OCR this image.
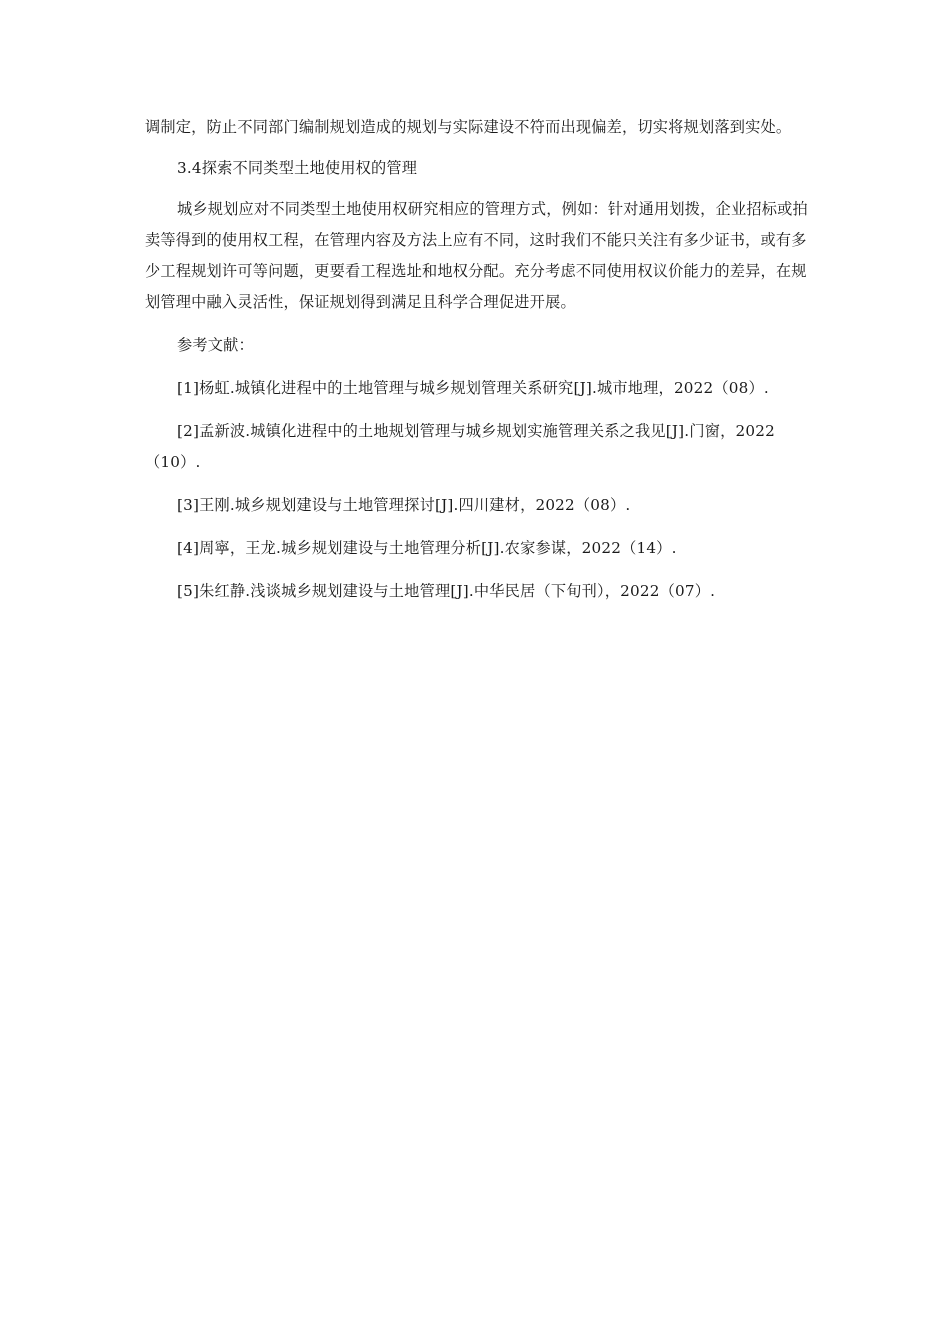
调制定，防止不同部门编制规划造成的规划与实际建设不符而出现偏差，切实将规划落到实处。

3.4探索不同类型土地使用权的管理

城乡规划应对不同类型土地使用权研究相应的管理方式，例如：针对通用划拨，企业招标或拍卖等得到的使用权工程，在管理内容及方法上应有不同，这时我们不能只关注有多少证书，或有多少工程规划许可等问题，更要看工程选址和地权分配。充分考虑不同使用权议价能力的差异，在规划管理中融入灵活性，保证规划得到满足且科学合理促进开展。

参考文献：

[1]杨虹.城镇化进程中的土地管理与城乡规划管理关系研究[J].城市地理，2022（08）.

[2]孟新波.城镇化进程中的土地规划管理与城乡规划实施管理关系之我见[J].门窗，2022（10）.

[3]王刚.城乡规划建设与土地管理探讨[J].四川建材，2022（08）.

[4]周寧，王龙.城乡规划建设与土地管理分析[J].农家参谋，2022（14）.

[5]朱红静.浅谈城乡规划建设与土地管理[J].中华民居（下旬刊），2022（07）.
